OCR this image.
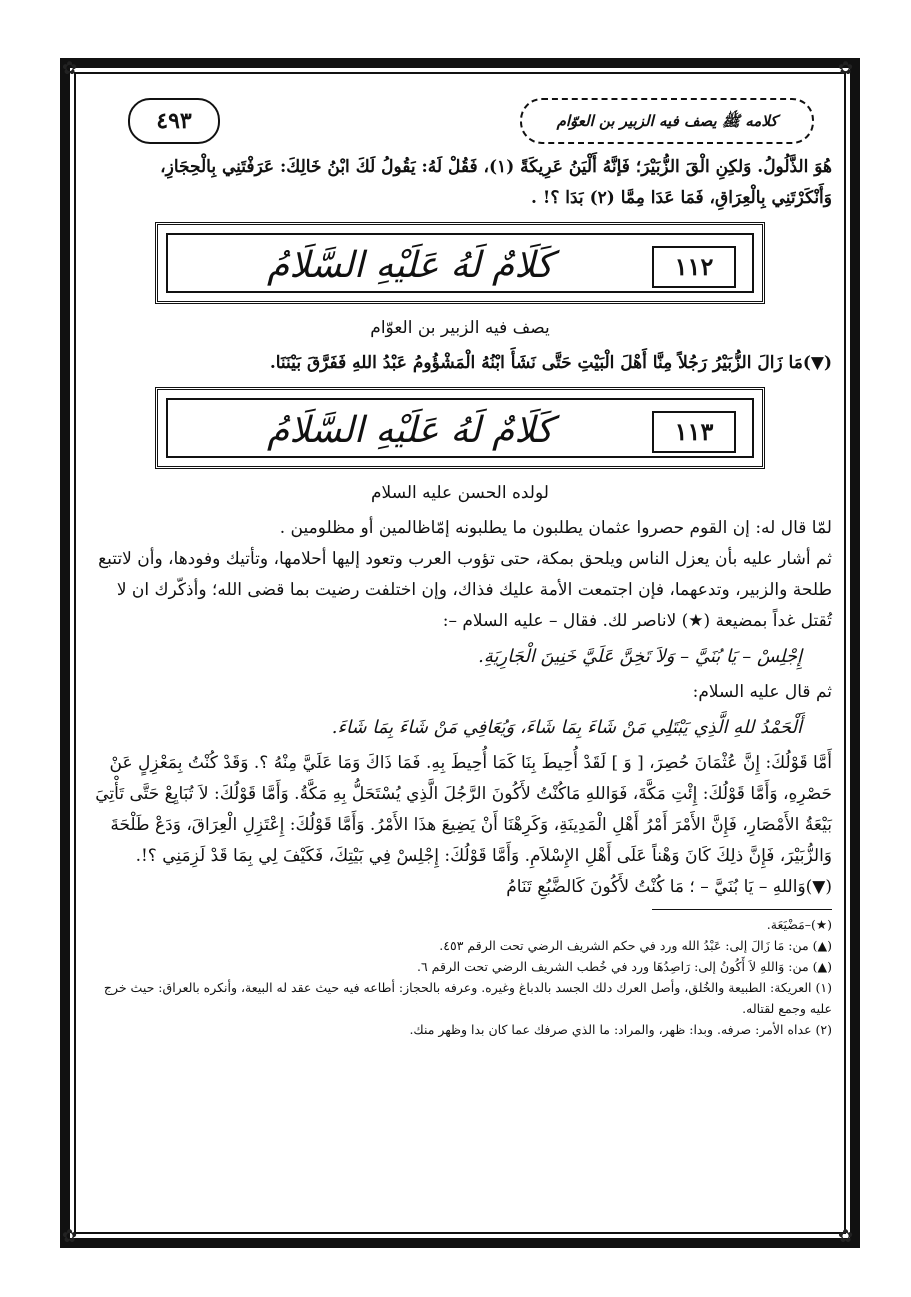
✿	✿
✿	✿
كلامه ﷺ يصف فيه الزبير بن العوّام
٤٩٣

هُوَ الذَّلُولُ. وَلكِنِ الْقَ الزُّبَيْرَ؛ فَإنَّهُ أَلْيَنُ عَرِيكَةً (١)، فَقُلْ لَهُ: يَقُولُ لَكَ ابْنُ خَالِكَ: عَرَفْتَنِي بِالْحِجَازِ،

وَأَنْكَرْتَنِي بِالْعِرَاقِ، فَمَا عَدَا مِمَّا (٢) بَدَا ؟! .

١١٢
كَلَامٌ لَهُ عَلَيْهِ السَّلَامُ
يصف فيه الزبير بن العوّام

(▼)مَا زَالَ الزُّبَيْرُ رَجُلاً مِنَّا أَهْلَ الْبَيْتِ حَتَّى نَشَأَ ابْنُهُ الْمَشْؤُومُ عَبْدُ اللهِ فَفَرَّقَ بَيْنَنَا.

١١٣
كَلَامٌ لَهُ عَلَيْهِ السَّلَامُ
لولده الحسن عليه السلام

لمّا قال له: إن القوم حصروا عثمان يطلبون ما يطلبونه إمّاظالمين أو مظلومين .

ثم أشار عليه بأن يعزل الناس ويلحق بمكة، حتى تؤوب العرب وتعود إليها أحلامها، وتأتيك وفودها، وأن لاتتبع طلحة والزبير، وتدعهما، فإن اجتمعت الأمة عليك فذاك، وإن اختلفت رضيت بما قضى الله؛ وأذكّرك ان لا تُقتل غداً بمضيعة (★) لاناصر لك. فقال – عليه السلام –:

إِجْلِسْ – يَا بُنَيَّ – وَلاَ تَخِنَّ عَلَيَّ خَنِينَ الْجَارِيَةِ.

ثم قال عليه السلام:

أَلْحَمْدُ للهِ الَّذِي يَبْتَلِي مَنْ شَاءَ بِمَا شَاءَ، وَيُعَافِي مَنْ شَاءَ بِمَا شَاءَ.

أَمَّا قَوْلُكَ: إِنَّ عُثْمَانَ حُصِرَ، [ وَ ] لَقَدْ أُحِيطَ بِنَا كَمَا أُحِيطَ بِهِ. فَمَا ذَاكَ وَمَا عَلَيَّ مِنْهُ ؟. وَقَدْ كُنْتُ بِمَعْزِلٍ عَنْ حَصْرِهِ، وَأَمَّا قَوْلُكَ: إِئْتِ مَكَّةَ، فَوَاللهِ مَاكُنْتُ لأَكُونَ الرَّجُلَ الَّذِي يُسْتَحَلُّ بِهِ مَكَّةُ. وَأَمَّا قَوْلُكَ: لاَ تُبَايِعْ حَتَّى تَأْتِيَ بَيْعَةُ الأَمْصَارِ، فَإِنَّ الأَمْرَ أَمْرُ أَهْلِ الْمَدِينَةِ، وَكَرِهْنَا أَنْ يَضِيعَ هذَا الأَمْرُ. وَأَمَّا قَوْلُكَ: إِعْتَزِلِ الْعِرَاقَ، وَدَعْ طَلْحَةَ وَالزُّبَيْرَ، فَإِنَّ ذلِكَ كَانَ وَهْناً عَلَى أَهْلِ الإِسْلاَمِ. وَأَمَّا قَوْلُكَ: إِجْلِسْ فِي بَيْتِكَ، فَكَيْفَ لِي بِمَا قَدْ لَزِمَنِي ؟!. (▼)وَاللهِ – يَا بُنَيَّ – ؛ مَا كُنْتُ لأَكُونَ كَالضَّبُعِ تَنَامُ

(★)–مَضْيَعَة.

(▲) من: مَا زَالَ إلى: عَبْدُ الله ورد في حكم الشريف الرضي تحت الرقم ٤٥٣.

(▲) من: وَاللهِ لاَ أَكُونُ إلى: رَاصِدُهَا ورد في خُطب الشريف الرضي تحت الرقم ٦.

(١) العريكة: الطبيعة والخُلق، وأصل العرك دلك الجسد بالدباغ وغيره. وعرفه بالحجاز: أطاعه فيه حيث عقد له البيعة، وأنكره بالعراق: حيث خرج عليه وجمع لقتاله.

(٢) عداه الأمر: صرفه. وبدا: ظهر، والمراد: ما الذي صرفك عما كان بدا وظهر منك.
